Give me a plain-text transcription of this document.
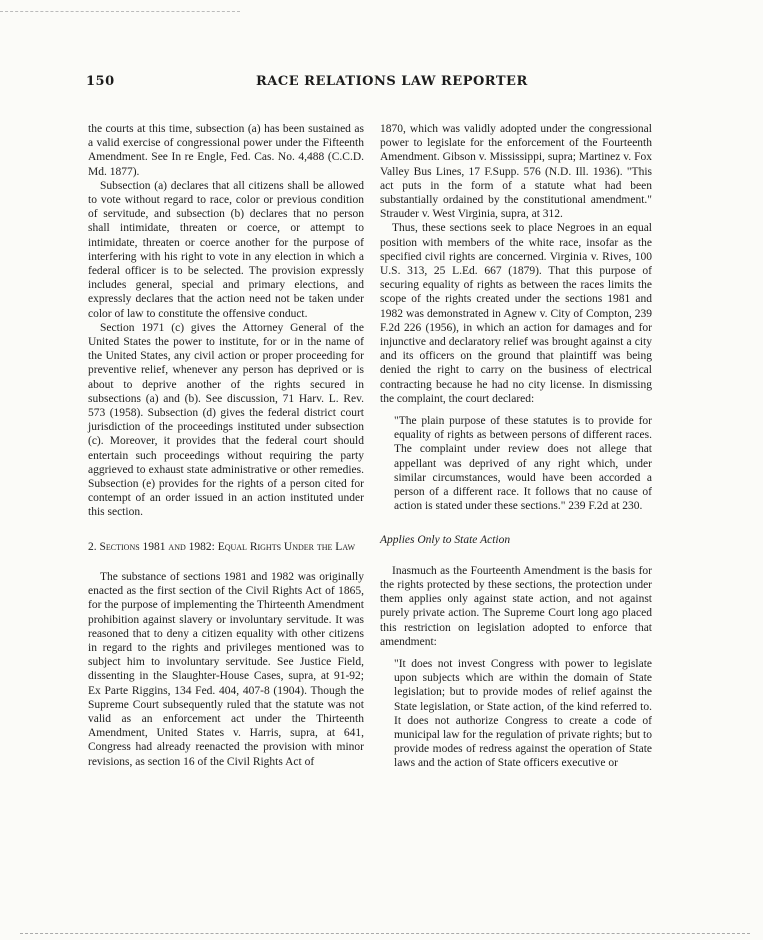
150	RACE RELATIONS LAW REPORTER

the courts at this time, subsection (a) has been sustained as a valid exercise of congressional power under the Fifteenth Amendment. See In re Engle, Fed. Cas. No. 4,488 (C.C.D. Md. 1877).

Subsection (a) declares that all citizens shall be allowed to vote without regard to race, color or previous condition of servitude, and subsection (b) declares that no person shall intimidate, threaten or coerce, or attempt to intimidate, threaten or coerce another for the purpose of interfering with his right to vote in any election in which a federal officer is to be selected. The provision expressly includes general, special and primary elections, and expressly declares that the action need not be taken under color of law to constitute the offensive conduct.

Section 1971 (c) gives the Attorney General of the United States the power to institute, for or in the name of the United States, any civil action or proper proceeding for preventive relief, whenever any person has deprived or is about to deprive another of the rights secured in subsections (a) and (b). See discussion, 71 Harv. L. Rev. 573 (1958). Subsection (d) gives the federal district court jurisdiction of the proceedings instituted under subsection (c). Moreover, it provides that the federal court should entertain such proceedings without requiring the party aggrieved to exhaust state administrative or other remedies. Subsection (e) provides for the rights of a person cited for contempt of an order issued in an action instituted under this section.

2. Sections 1981 and 1982: Equal Rights Under the Law

The substance of sections 1981 and 1982 was originally enacted as the first section of the Civil Rights Act of 1865, for the purpose of implementing the Thirteenth Amendment prohibition against slavery or involuntary servitude. It was reasoned that to deny a citizen equality with other citizens in regard to the rights and privileges mentioned was to subject him to involuntary servitude. See Justice Field, dissenting in the Slaughter-House Cases, supra, at 91-92; Ex Parte Riggins, 134 Fed. 404, 407-8 (1904). Though the Supreme Court subsequently ruled that the statute was not valid as an enforcement act under the Thirteenth Amendment, United States v. Harris, supra, at 641, Congress had already reenacted the provision with minor revisions, as section 16 of the Civil Rights Act of

1870, which was validly adopted under the congressional power to legislate for the enforcement of the Fourteenth Amendment. Gibson v. Mississippi, supra; Martinez v. Fox Valley Bus Lines, 17 F.Supp. 576 (N.D. Ill. 1936). "This act puts in the form of a statute what had been substantially ordained by the constitutional amendment." Strauder v. West Virginia, supra, at 312.

Thus, these sections seek to place Negroes in an equal position with members of the white race, insofar as the specified civil rights are concerned. Virginia v. Rives, 100 U.S. 313, 25 L.Ed. 667 (1879). That this purpose of securing equality of rights as between the races limits the scope of the rights created under the sections 1981 and 1982 was demonstrated in Agnew v. City of Compton, 239 F.2d 226 (1956), in which an action for damages and for injunctive and declaratory relief was brought against a city and its officers on the ground that plaintiff was being denied the right to carry on the business of electrical contracting because he had no city license. In dismissing the complaint, the court declared:

"The plain purpose of these statutes is to provide for equality of rights as between persons of different races. The complaint under review does not allege that appellant was deprived of any right which, under similar circumstances, would have been accorded a person of a different race. It follows that no cause of action is stated under these sections." 239 F.2d at 230.

Applies Only to State Action

Inasmuch as the Fourteenth Amendment is the basis for the rights protected by these sections, the protection under them applies only against state action, and not against purely private action. The Supreme Court long ago placed this restriction on legislation adopted to enforce that amendment:

"It does not invest Congress with power to legislate upon subjects which are within the domain of State legislation; but to provide modes of relief against the State legislation, or State action, of the kind referred to. It does not authorize Congress to create a code of municipal law for the regulation of private rights; but to provide modes of redress against the operation of State laws and the action of State officers executive or
